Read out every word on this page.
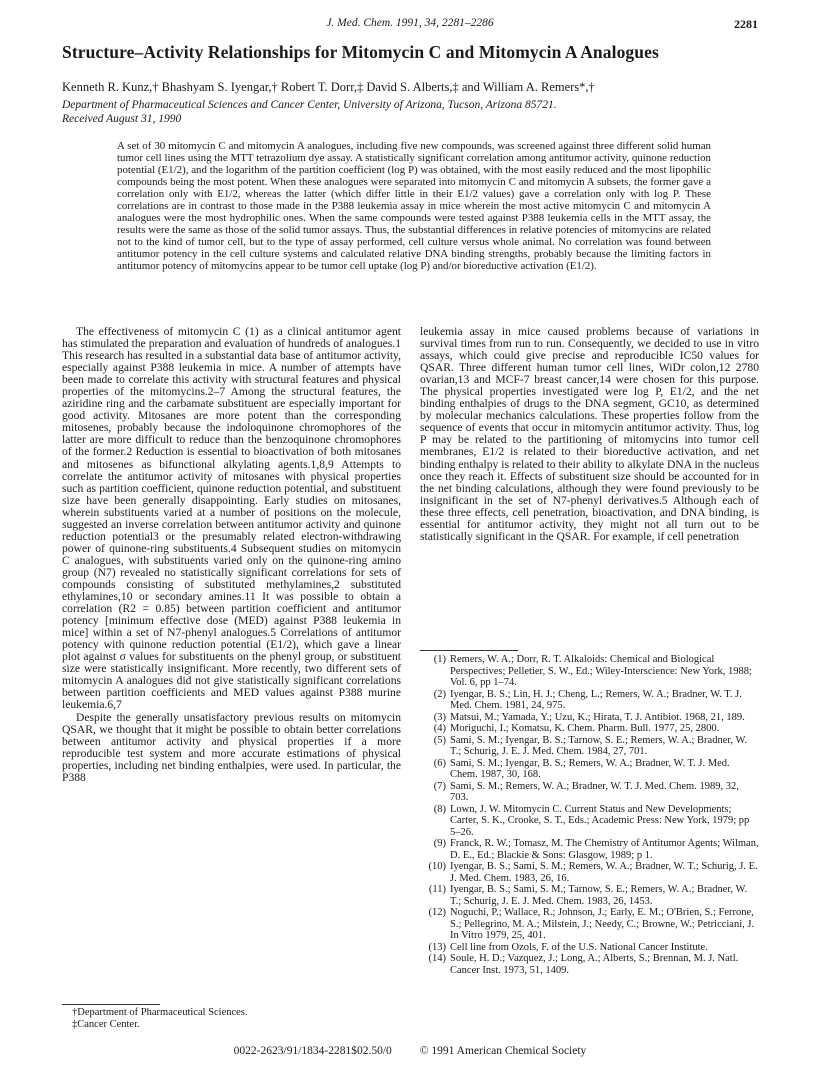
J. Med. Chem. 1991, 34, 2281–2286	2281
Structure–Activity Relationships for Mitomycin C and Mitomycin A Analogues
Kenneth R. Kunz,† Bhashyam S. Iyengar,† Robert T. Dorr,‡ David S. Alberts,‡ and William A. Remers*,†
Department of Pharmaceutical Sciences and Cancer Center, University of Arizona, Tucson, Arizona 85721.
Received August 31, 1990
A set of 30 mitomycin C and mitomycin A analogues, including five new compounds, was screened against three different solid human tumor cell lines using the MTT tetrazolium dye assay. A statistically significant correlation among antitumor activity, quinone reduction potential (E1/2), and the logarithm of the partition coefficient (log P) was obtained, with the most easily reduced and the most lipophilic compounds being the most potent. When these analogues were separated into mitomycin C and mitomycin A subsets, the former gave a correlation only with E1/2, whereas the latter (which differ little in their E1/2 values) gave a correlation only with log P. These correlations are in contrast to those made in the P388 leukemia assay in mice wherein the most active mitomycin C and mitomycin A analogues were the most hydrophilic ones. When the same compounds were tested against P388 leukemia cells in the MTT assay, the results were the same as those of the solid tumor assays. Thus, the substantial differences in relative potencies of mitomycins are related not to the kind of tumor cell, but to the type of assay performed, cell culture versus whole animal. No correlation was found between antitumor potency in the cell culture systems and calculated relative DNA binding strengths, probably because the limiting factors in antitumor potency of mitomycins appear to be tumor cell uptake (log P) and/or bioreductive activation (E1/2).

The effectiveness of mitomycin C (1) as a clinical antitumor agent has stimulated the preparation and evaluation of hundreds of analogues.1 This research has resulted in a substantial data base of antitumor activity, especially against P388 leukemia in mice. A number of attempts have been made to correlate this activity with structural features and physical properties of the mitomycins.2–7 Among the structural features, the aziridine ring and the carbamate substituent are especially important for good activity. Mitosanes are more potent than the corresponding mitosenes, probably because the indoloquinone chromophores of the latter are more difficult to reduce than the benzoquinone chromophores of the former.2 Reduction is essential to bioactivation of both mitosanes and mitosenes as bifunctional alkylating agents.1,8,9 Attempts to correlate the antitumor activity of mitosanes with physical properties such as partition coefficient, quinone reduction potential, and substituent size have been generally disappointing. Early studies on mitosanes, wherein substituents varied at a number of positions on the molecule, suggested an inverse correlation between antitumor activity and quinone reduction potential3 or the presumably related electron-withdrawing power of quinone-ring substituents.4 Subsequent studies on mitomycin C analogues, with substituents varied only on the quinone-ring amino group (N7) revealed no statistically significant correlations for sets of compounds consisting of substituted methylamines,2 substituted ethylamines,10 or secondary amines.11 It was possible to obtain a correlation (R2 = 0.85) between partition coefficient and antitumor potency [minimum effective dose (MED) against P388 leukemia in mice] within a set of N7-phenyl analogues.5 Correlations of antitumor potency with quinone reduction potential (E1/2), which gave a linear plot against σ values for substituents on the phenyl group, or substituent size were statistically insignificant. More recently, two different sets of mitomycin A analogues did not give statistically significant correlations between partition coefficients and MED values against P388 murine leukemia.6,7

Despite the generally unsatisfactory previous results on mitomycin QSAR, we thought that it might be possible to obtain better correlations between antitumor activity and physical properties if a more reproducible test system and more accurate estimations of physical properties, including net binding enthalpies, were used. In particular, the P388

leukemia assay in mice caused problems because of variations in survival times from run to run. Consequently, we decided to use in vitro assays, which could give precise and reproducible IC50 values for QSAR. Three different human tumor cell lines, WiDr colon,12 2780 ovarian,13 and MCF-7 breast cancer,14 were chosen for this purpose. The physical properties investigated were log P, E1/2, and the net binding enthalpies of drugs to the DNA segment, GC10, as determined by molecular mechanics calculations. These properties follow from the sequence of events that occur in mitomycin antitumor activity. Thus, log P may be related to the partitioning of mitomycins into tumor cell membranes, E1/2 is related to their bioreductive activation, and net binding enthalpy is related to their ability to alkylate DNA in the nucleus once they reach it. Effects of substituent size should be accounted for in the net binding calculations, although they were found previously to be insignificant in the set of N7-phenyl derivatives.5 Although each of these three effects, cell penetration, bioactivation, and DNA binding, is essential for antitumor activity, they might not all turn out to be statistically significant in the QSAR. For example, if cell penetration

(1) Remers, W. A.; Dorr, R. T. Alkaloids: Chemical and Biological Perspectives; Pelletier, S. W., Ed.; Wiley-Interscience: New York, 1988; Vol. 6, pp 1–74.
(2) Iyengar, B. S.; Lin, H. J.; Cheng, L.; Remers, W. A.; Bradner, W. T. J. Med. Chem. 1981, 24, 975.
(3) Matsui, M.; Yamada, Y.; Uzu, K.; Hirata, T. J. Antibiot. 1968, 21, 189.
(4) Moriguchi, I.; Komatsu, K. Chem. Pharm. Bull. 1977, 25, 2800.
(5) Sami, S. M.; Iyengar, B. S.; Tarnow, S. E.; Remers, W. A.; Bradner, W. T.; Schurig, J. E. J. Med. Chem. 1984, 27, 701.
(6) Sami, S. M.; Iyengar, B. S.; Remers, W. A.; Bradner, W. T. J. Med. Chem. 1987, 30, 168.
(7) Sami, S. M.; Remers, W. A.; Bradner, W. T. J. Med. Chem. 1989, 32, 703.
(8) Lown, J. W. Mitomycin C. Current Status and New Developments; Carter, S. K., Crooke, S. T., Eds.; Academic Press: New York, 1979; pp 5–26.
(9) Franck, R. W.; Tomasz, M. The Chemistry of Antitumor Agents; Wilman, D. E., Ed.; Blackie & Sons: Glasgow, 1989; p 1.
(10) Iyengar, B. S.; Sami, S. M.; Remers, W. A.; Bradner, W. T.; Schurig, J. E. J. Med. Chem. 1983, 26, 16.
(11) Iyengar, B. S.; Sami, S. M.; Tarnow, S. E.; Remers, W. A.; Bradner, W. T.; Schurig, J. E. J. Med. Chem. 1983, 26, 1453.
(12) Noguchi, P.; Wallace, R.; Johnson, J.; Early, E. M.; O'Brien, S.; Ferrone, S.; Pellegrino, M. A.; Milstein, J.; Needy, C.; Browne, W.; Petricciani, J. In Vitro 1979, 25, 401.
(13) Cell line from Ozols, F. of the U.S. National Cancer Institute.
(14) Soule, H. D.; Vazquez, J.; Long, A.; Alberts, S.; Brennan, M. J. Natl. Cancer Inst. 1973, 51, 1409.
†Department of Pharmaceutical Sciences.
‡Cancer Center.
0022-2623/91/1834-2281$02.50/0 © 1991 American Chemical Society
